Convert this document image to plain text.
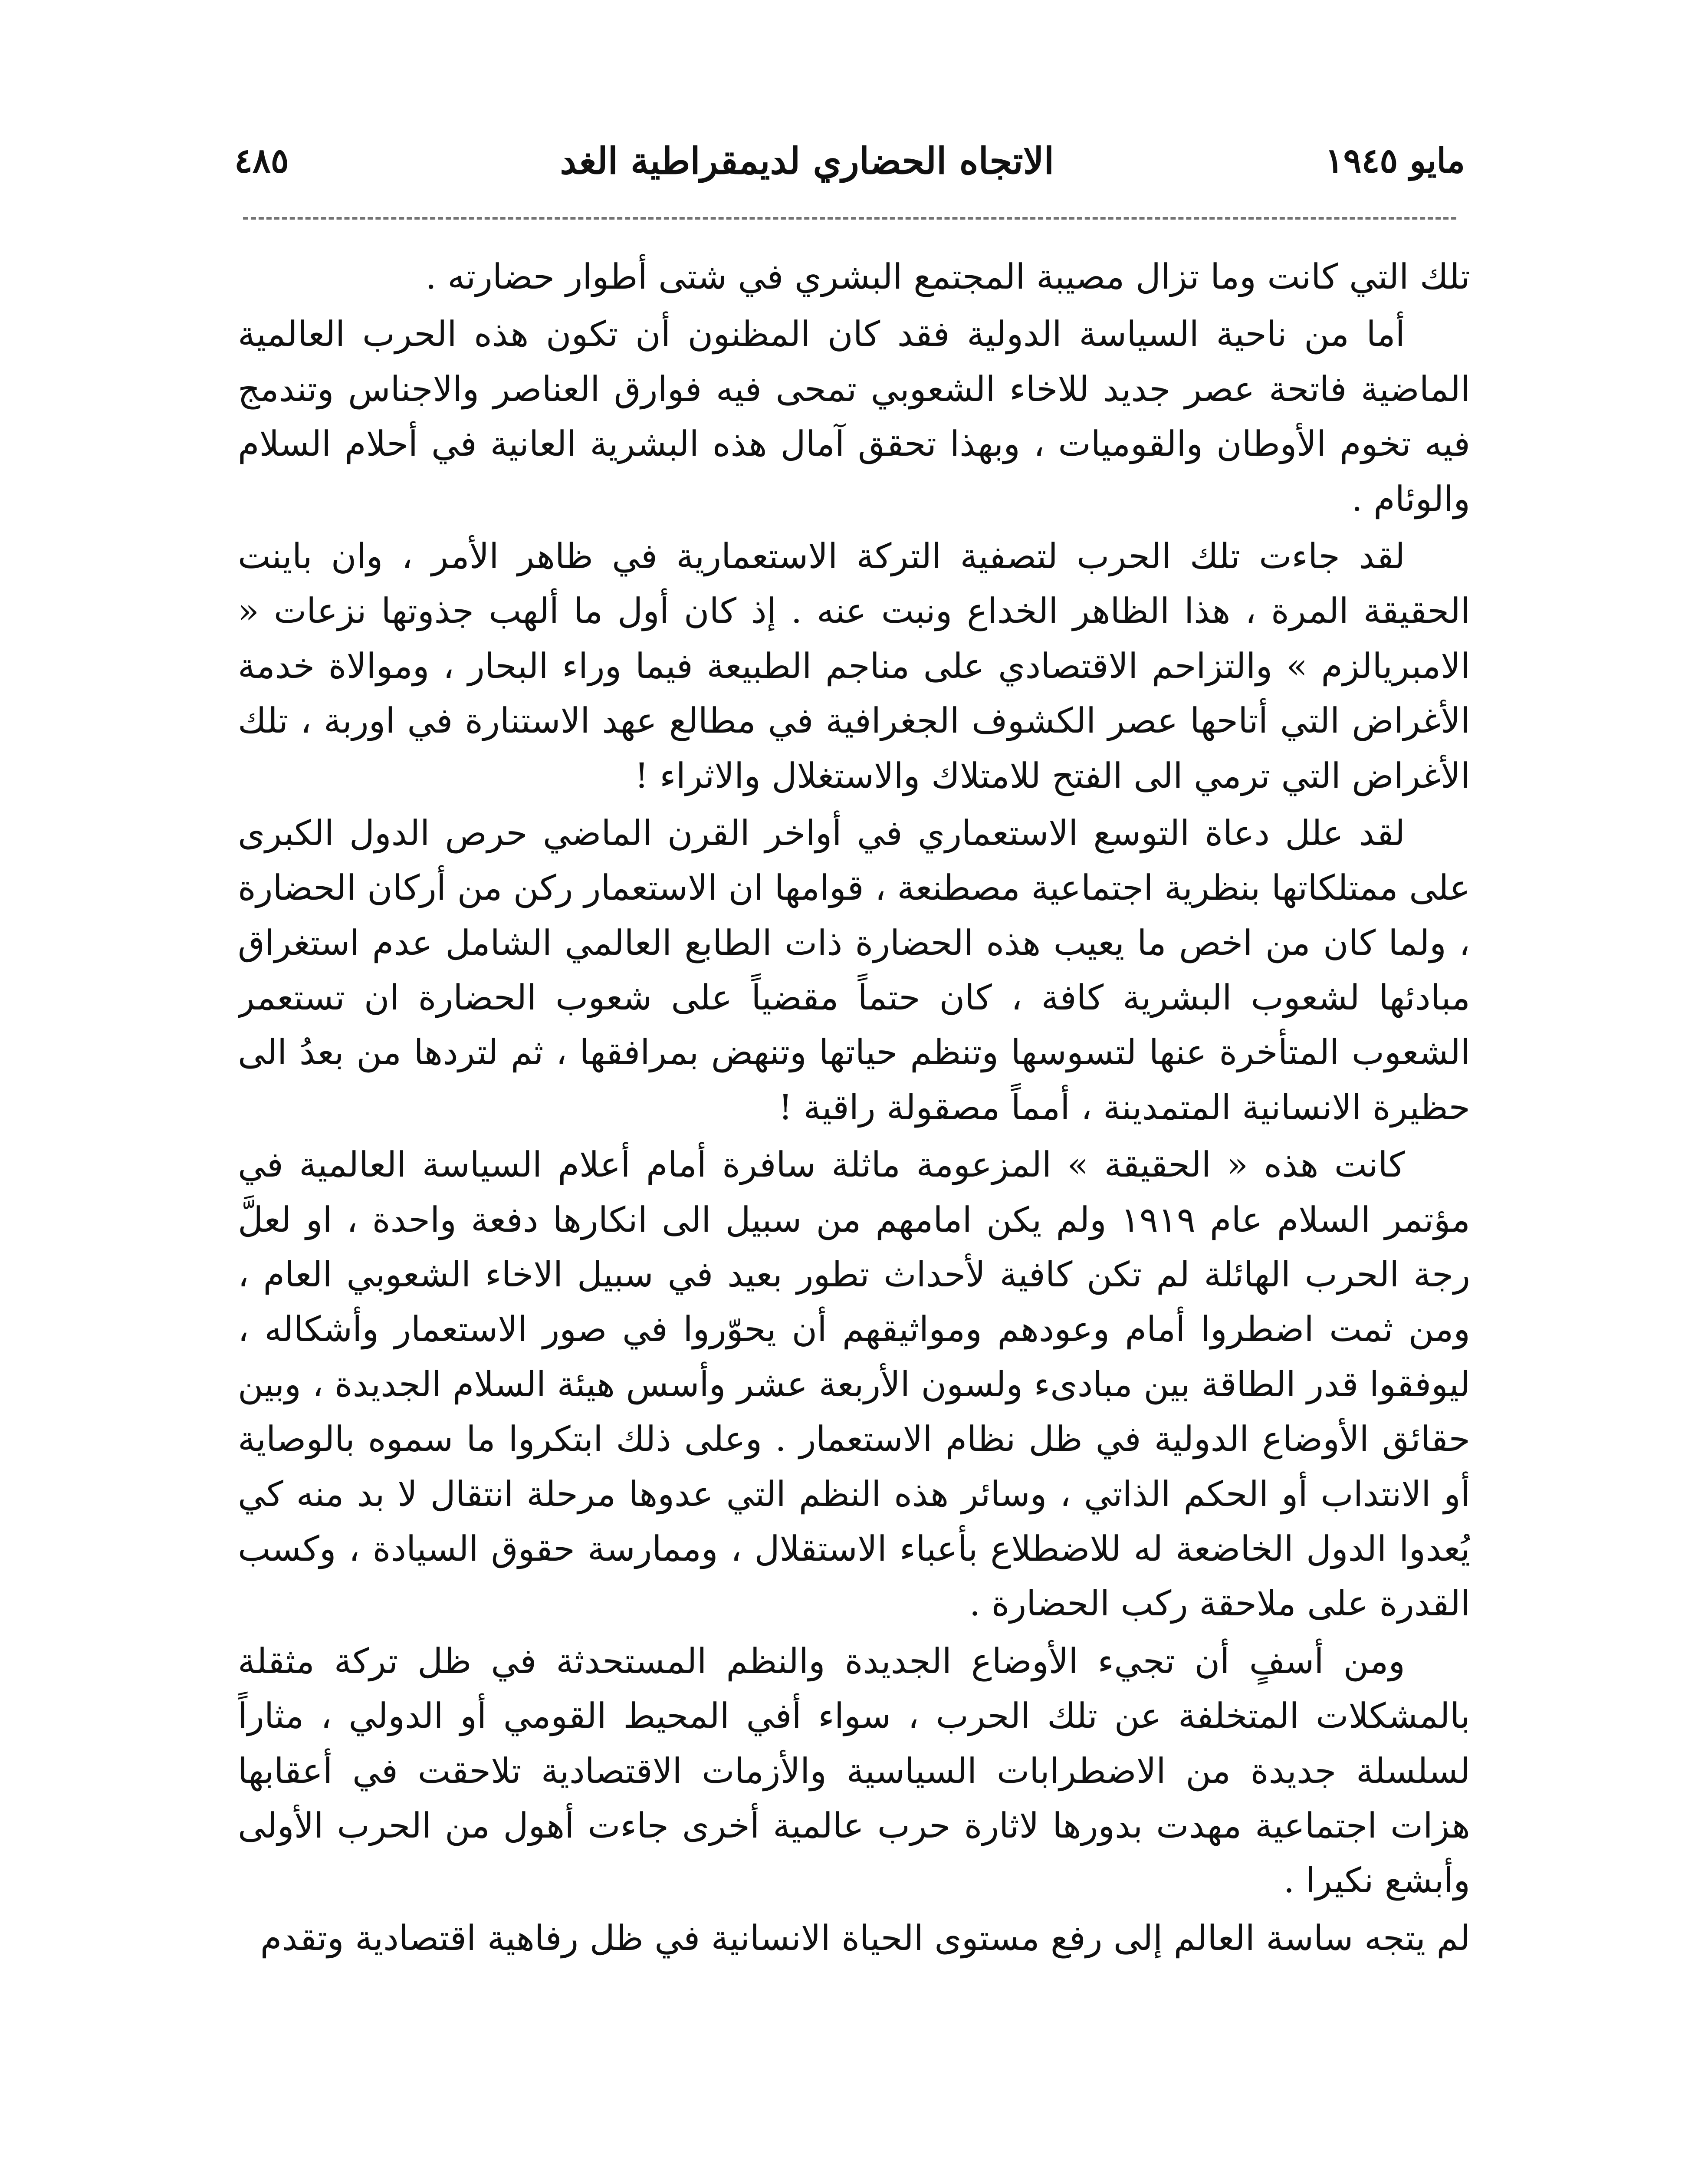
مايو ١٩٤٥
الاتجاه الحضاري لديمقراطية الغد
٤٨٥

تلك التي كانت وما تزال مصيبة المجتمع البشري في شتى أطوار حضارته .

أما من ناحية السياسة الدولية فقد كان المظنون أن تكون هذه الحرب العالمية الماضية فاتحة عصر جديد للاخاء الشعوبي تمحى فيه فوارق العناصر والاجناس وتندمج فيه تخوم الأوطان والقوميات ، وبهذا تحقق آمال هذه البشرية العانية في أحلام السلام والوئام .

لقد جاءت تلك الحرب لتصفية التركة الاستعمارية في ظاهر الأمر ، وان باينت الحقيقة المرة ، هذا الظاهر الخداع ونبت عنه . إذ كان أول ما ألهب جذوتها نزعات « الامبريالزم » والتزاحم الاقتصادي على مناجم الطبيعة فيما وراء البحار ، وموالاة خدمة الأغراض التي أتاحها عصر الكشوف الجغرافية في مطالع عهد الاستنارة في اوربة ، تلك الأغراض التي ترمي الى الفتح للامتلاك والاستغلال والاثراء !

لقد علل دعاة التوسع الاستعماري في أواخر القرن الماضي حرص الدول الكبرى على ممتلكاتها بنظرية اجتماعية مصطنعة ، قوامها ان الاستعمار ركن من أركان الحضارة ، ولما كان من اخص ما يعيب هذه الحضارة ذات الطابع العالمي الشامل عدم استغراق مبادئها لشعوب البشرية كافة ، كان حتماً مقضياً على شعوب الحضارة ان تستعمر الشعوب المتأخرة عنها لتسوسها وتنظم حياتها وتنهض بمرافقها ، ثم لتردها من بعدُ الى حظيرة الانسانية المتمدينة ، أمماً مصقولة راقية !

كانت هذه « الحقيقة » المزعومة ماثلة سافرة أمام أعلام السياسة العالمية في مؤتمر السلام عام ١٩١٩ ولم يكن امامهم من سبيل الى انكارها دفعة واحدة ، او لعلَّ رجة الحرب الهائلة لم تكن كافية لأحداث تطور بعيد في سبيل الاخاء الشعوبي العام ، ومن ثمت اضطروا أمام وعودهم ومواثيقهم أن يحوّروا في صور الاستعمار وأشكاله ، ليوفقوا قدر الطاقة بين مبادىء ولسون الأربعة عشر وأسس هيئة السلام الجديدة ، وبين حقائق الأوضاع الدولية في ظل نظام الاستعمار . وعلى ذلك ابتكروا ما سموه بالوصاية أو الانتداب أو الحكم الذاتي ، وسائر هذه النظم التي عدوها مرحلة انتقال لا بد منه كي يُعدوا الدول الخاضعة له للاضطلاع بأعباء الاستقلال ، وممارسة حقوق السيادة ، وكسب القدرة على ملاحقة ركب الحضارة .

ومن أسفٍ أن تجيء الأوضاع الجديدة والنظم المستحدثة في ظل تركة مثقلة بالمشكلات المتخلفة عن تلك الحرب ، سواء أفي المحيط القومي أو الدولي ، مثاراً لسلسلة جديدة من الاضطرابات السياسية والأزمات الاقتصادية تلاحقت في أعقابها هزات اجتماعية مهدت بدورها لاثارة حرب عالمية أخرى جاءت أهول من الحرب الأولى وأبشع نكيرا .

لم يتجه ساسة العالم إلى رفع مستوى الحياة الانسانية في ظل رفاهية اقتصادية وتقدم
